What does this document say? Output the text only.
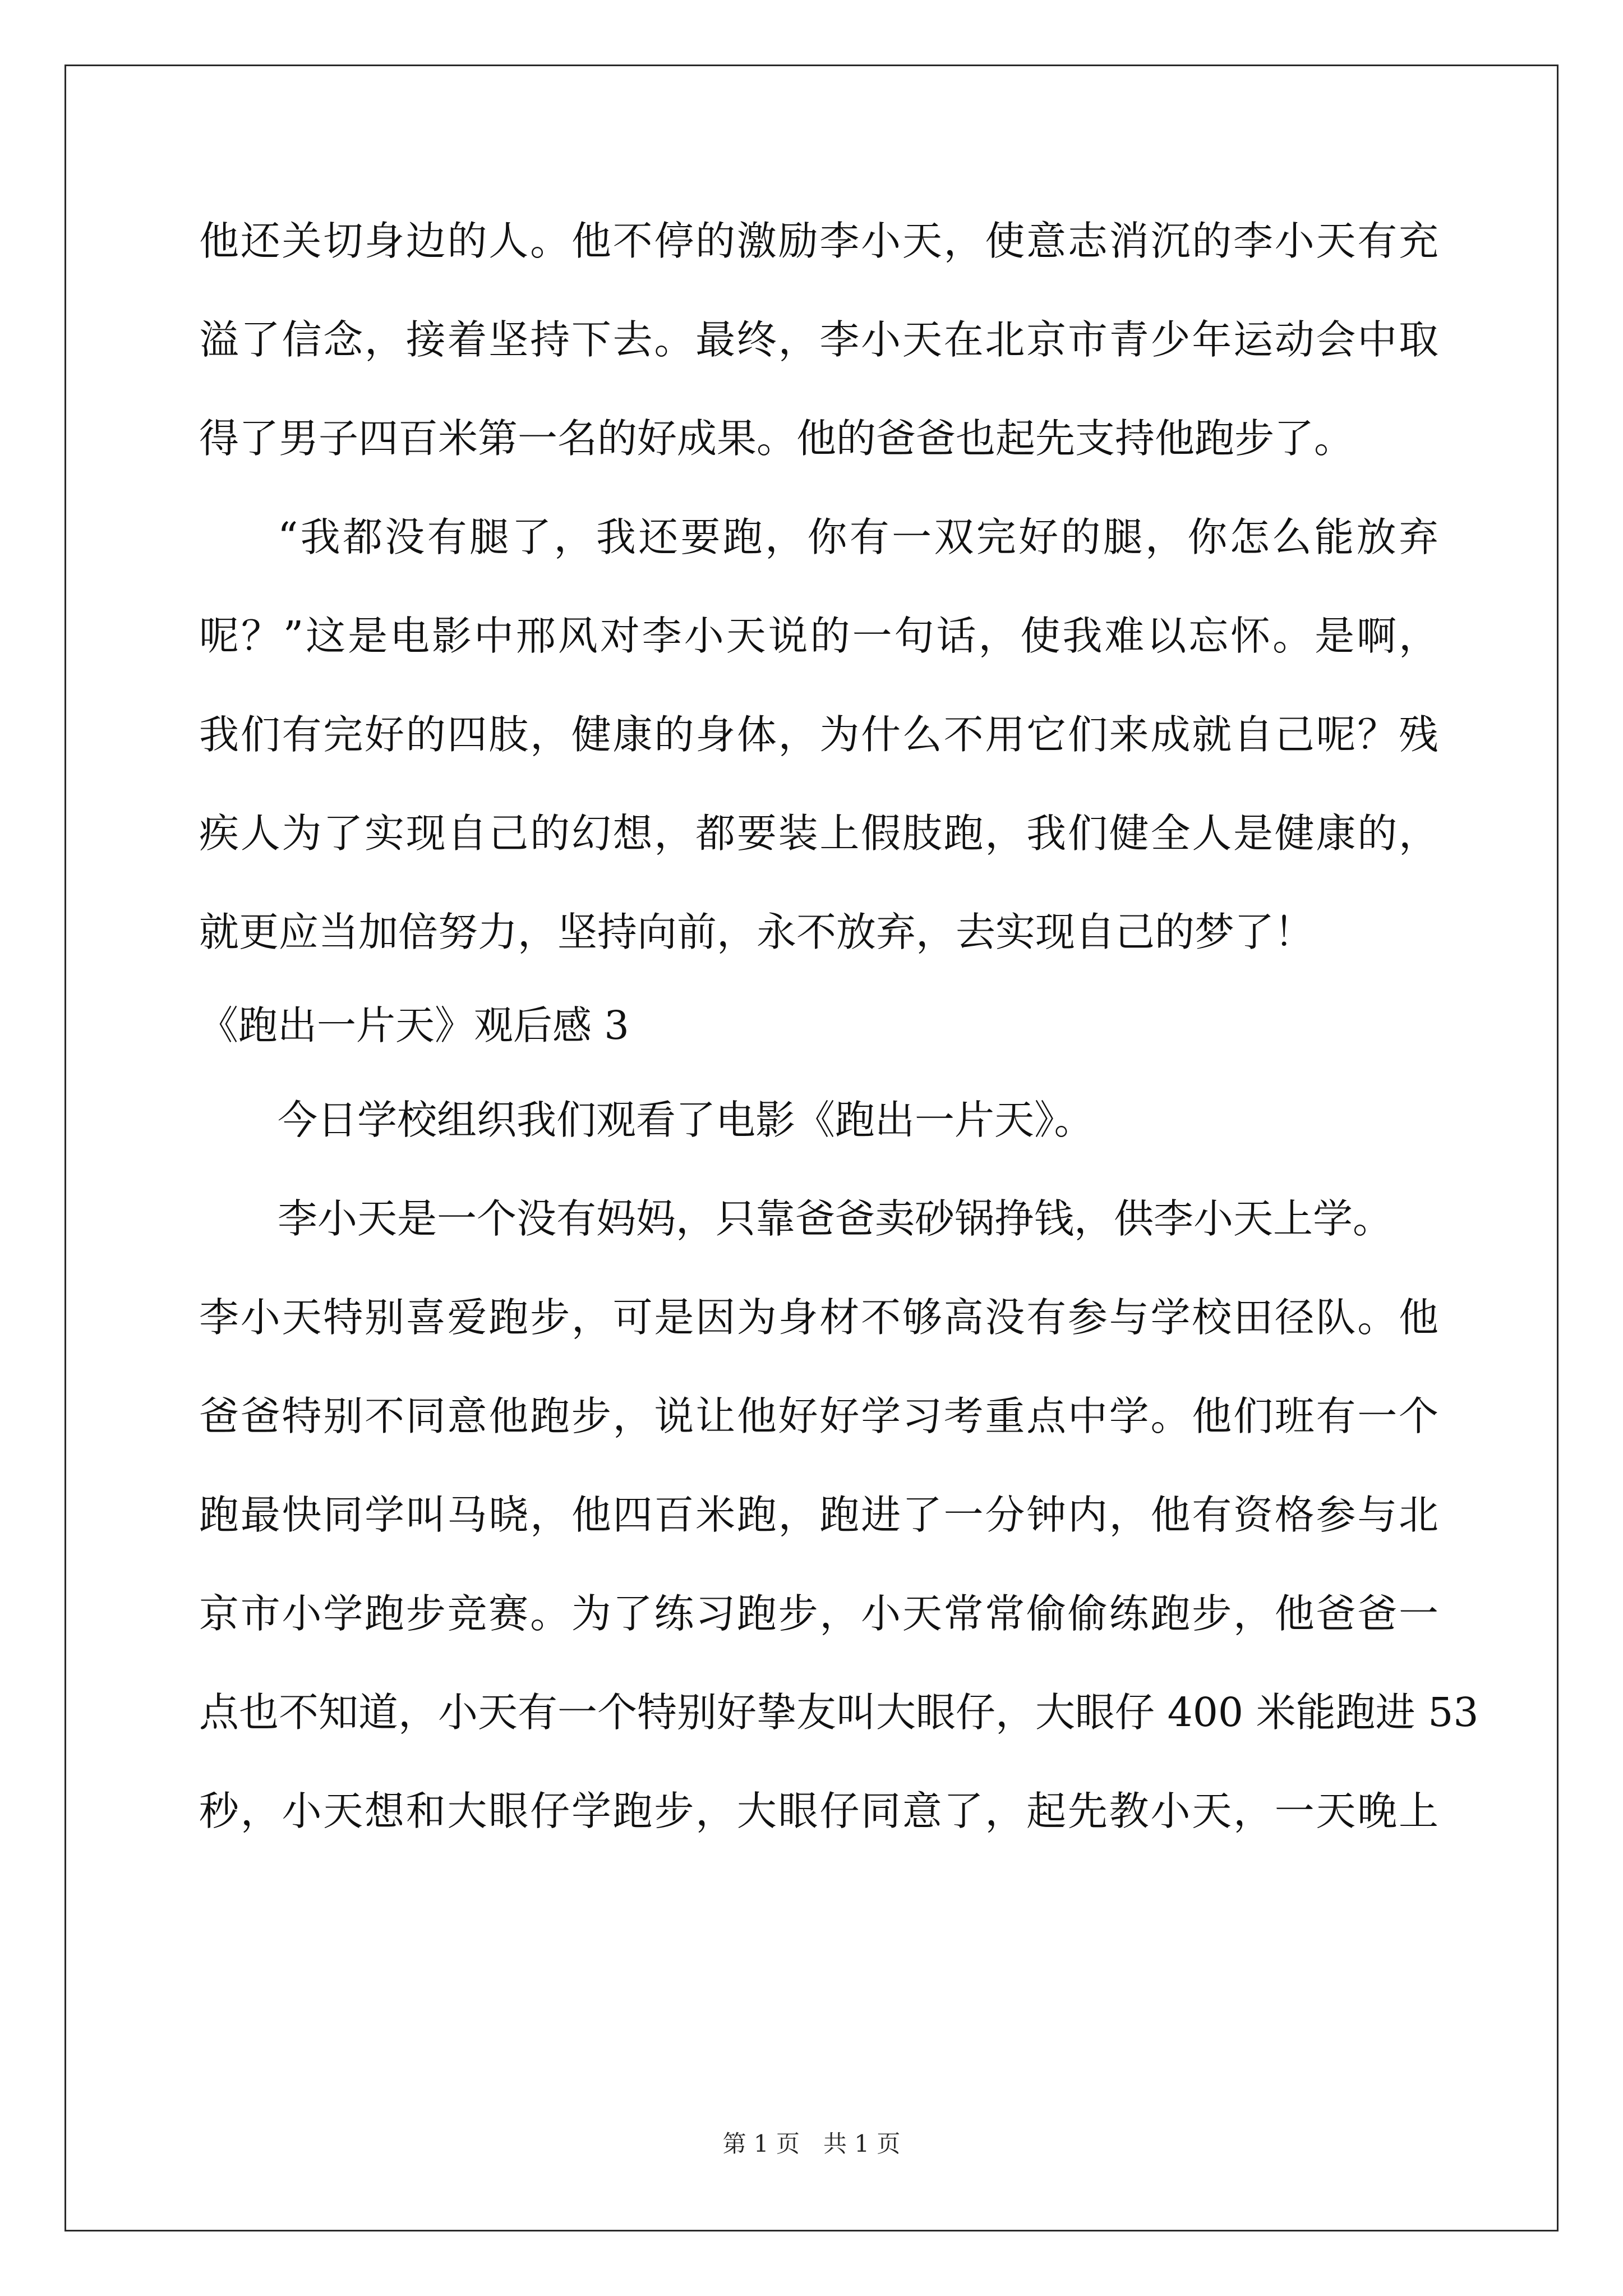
他还关切身边的人。他不停的激励李小天，使意志消沉的李小天有充
溢了信念，接着坚持下去。最终，李小天在北京市青少年运动会中取
得了男子四百米第一名的好成果。他的爸爸也起先支持他跑步了。
“我都没有腿了，我还要跑，你有一双完好的腿，你怎么能放弃
呢？”这是电影中邢风对李小天说的一句话，使我难以忘怀。是啊，
我们有完好的四肢，健康的身体，为什么不用它们来成就自己呢？残
疾人为了实现自己的幻想，都要装上假肢跑，我们健全人是健康的，
就更应当加倍努力，坚持向前，永不放弃，去实现自己的梦了！
《跑出一片天》观后感 3
今日学校组织我们观看了电影《跑出一片天》。
李小天是一个没有妈妈，只靠爸爸卖砂锅挣钱，供李小天上学。
李小天特别喜爱跑步，可是因为身材不够高没有参与学校田径队。他
爸爸特别不同意他跑步，说让他好好学习考重点中学。他们班有一个
跑最快同学叫马晓，他四百米跑，跑进了一分钟内，他有资格参与北
京市小学跑步竞赛。为了练习跑步，小天常常偷偷练跑步，他爸爸一
点也不知道，小天有一个特别好挚友叫大眼仔，大眼仔 400 米能跑进 53
秒，小天想和大眼仔学跑步，大眼仔同意了，起先教小天，一天晚上
第 1 页　共 1 页
